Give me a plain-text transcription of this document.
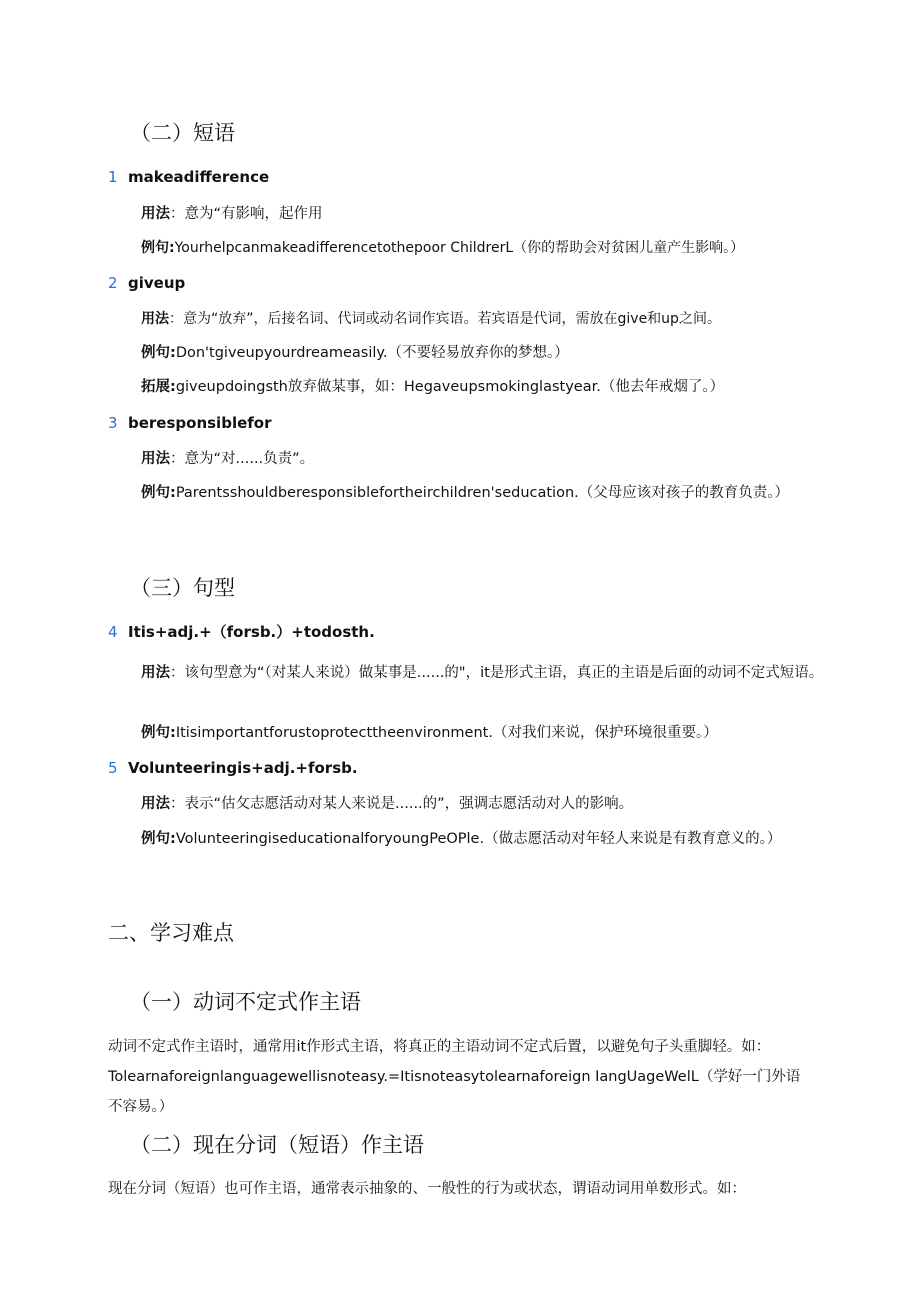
（二）短语
1 makeadifference
用法：意为“有影响，起作用
例句:Yourhelpcanmakeadifferencetothepoor ChildrerL（你的帮助会对贫困儿童产生影响。）
2 giveup
用法：意为“放弃”，后接名词、代词或动名词作宾语。若宾语是代词，需放在give和up之间。
例句:Don'tgiveupyourdreameasily.（不要轻易放弃你的梦想。）
拓展:giveupdoingsth放弃做某事，如：Hegaveupsmokinglastyear.（他去年戒烟了。）
3 beresponsiblefor
用法：意为“对......负责”。
例句:Parentsshouldberesponsiblefortheirchildren'seducation.（父母应该对孩子的教育负责。）
（三）句型
4 Itis+adj.+（forsb.）+todosth.
用法：该句型意为“（对某人来说）做某事是......的"，it是形式主语，真正的主语是后面的动词不定式短语。
例句:Itisimportantforustoprotecttheenvironment.（对我们来说，保护环境很重要。）
5 Volunteeringis+adj.+forsb.
用法：表示“估攵志愿活动对某人来说是......的”，强调志愿活动对人的影响。
例句:VolunteeringiseducationalforyoungPeOPle.（做志愿活动对年轻人来说是有教育意义的。）
二、学习难点
（一）动词不定式作主语
动词不定式作主语时，通常用it作形式主语，将真正的主语动词不定式后置，以避免句子头重脚轻。如：Tolearnaforeignlanguagewellisnoteasy.=Itisnoteasytolearnaforeign IangUageWelL（学好一门外语不容易。）
（二）现在分词（短语）作主语
现在分词（短语）也可作主语，通常表示抽象的、一般性的行为或状态，谓语动词用单数形式。如：
